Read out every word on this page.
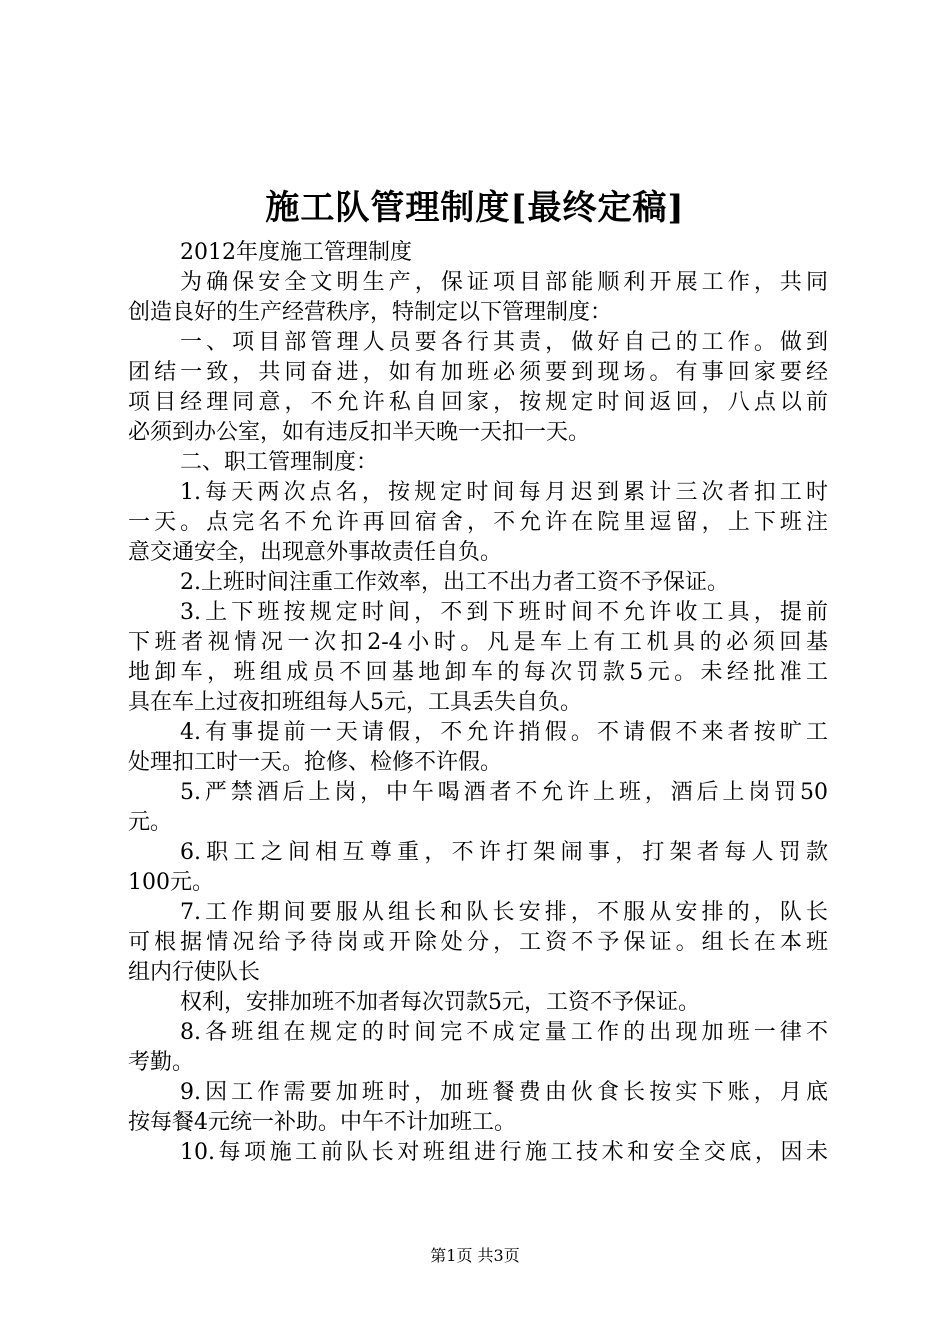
施工队管理制度[最终定稿]
2012年度施工管理制度
为确保安全文明生产，保证项目部能顺利开展工作，共同
创造良好的生产经营秩序，特制定以下管理制度：
一、项目部管理人员要各行其责，做好自己的工作。做到
团结一致，共同奋进，如有加班必须要到现场。有事回家要经
项目经理同意，不允许私自回家，按规定时间返回，八点以前
必须到办公室，如有违反扣半天晚一天扣一天。
二、职工管理制度：
1.每天两次点名，按规定时间每月迟到累计三次者扣工时
一天。点完名不允许再回宿舍，不允许在院里逗留，上下班注
意交通安全，出现意外事故责任自负。
2.上班时间注重工作效率，出工不出力者工资不予保证。
3.上下班按规定时间，不到下班时间不允许收工具，提前
下班者视情况一次扣2-4小时。凡是车上有工机具的必须回基
地卸车，班组成员不回基地卸车的每次罚款5元。未经批准工
具在车上过夜扣班组每人5元，工具丢失自负。
4.有事提前一天请假，不允许捎假。不请假不来者按旷工
处理扣工时一天。抢修、检修不许假。
5.严禁酒后上岗，中午喝酒者不允许上班，酒后上岗罚50
元。
6.职工之间相互尊重，不许打架闹事，打架者每人罚款
100元。
7.工作期间要服从组长和队长安排，不服从安排的，队长
可根据情况给予待岗或开除处分，工资不予保证。组长在本班
组内行使队长
权利，安排加班不加者每次罚款5元，工资不予保证。
8.各班组在规定的时间完不成定量工作的出现加班一律不
考勤。
9.因工作需要加班时，加班餐费由伙食长按实下账，月底
按每餐4元统一补助。中午不计加班工。
10.每项施工前队长对班组进行施工技术和安全交底，因未
第1页 共3页
